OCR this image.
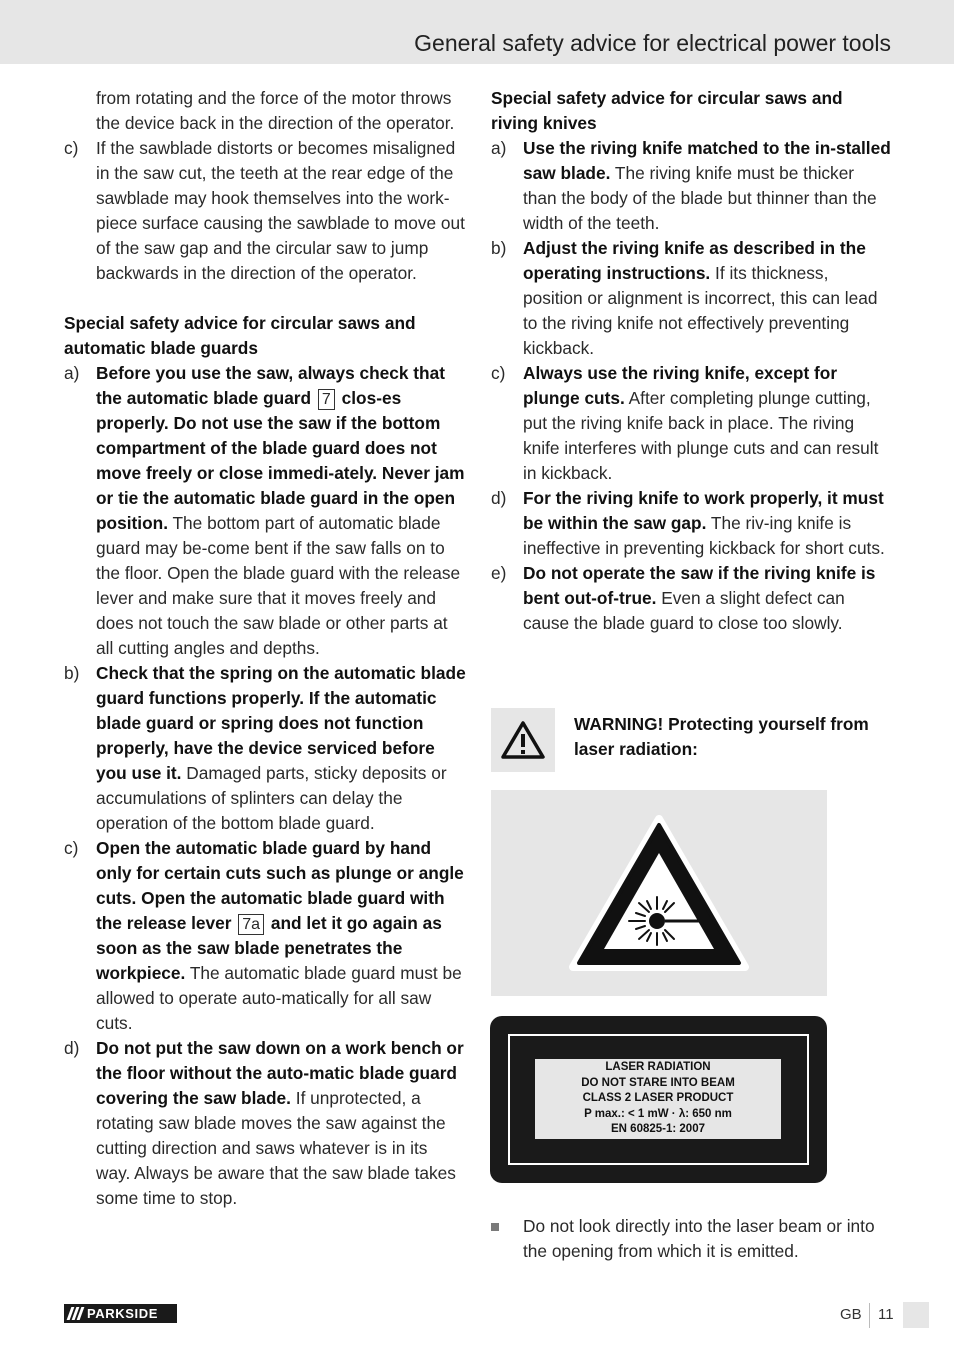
General safety advice for electrical power tools
from rotating and the force of the motor throws the device back in the direction of the operator.
c)	If the sawblade distorts or becomes misaligned in the saw cut, the teeth at the rear edge of the sawblade may hook themselves into the work-piece surface causing the sawblade to move out of the saw gap and the circular saw to jump backwards in the direction of the operator.
Special safety advice for circular saws and automatic blade guards
a) Before you use the saw, always check that the automatic blade guard 7 clos-es properly. Do not use the saw if the bottom compartment of the blade guard does not move freely or close immedi-ately. Never jam or tie the automatic blade guard in the open position. The bottom part of automatic blade guard may be-come bent if the saw falls on to the floor. Open the blade guard with the release lever and make sure that it moves freely and does not touch the saw blade or other parts at all cutting angles and depths.
b) Check that the spring on the automatic blade guard functions properly. If the automatic blade guard or spring does not function properly, have the device serviced before you use it. Damaged parts, sticky deposits or accumulations of splinters can delay the operation of the bottom blade guard.
c)	Open the automatic blade guard by hand only for certain cuts such as plunge or angle cuts. Open the automatic blade guard with the release lever 7a and let it go again as soon as the saw blade penetrates the workpiece. The automatic blade guard must be allowed to operate auto-matically for all saw cuts.
d) Do not put the saw down on a work bench or the floor without the auto-matic blade guard covering the saw blade. If unprotected, a rotating saw blade moves the saw against the cutting direction and saws whatever is in its way. Always be aware that the saw blade takes some time to stop.
Special safety advice for circular saws and riving knives
a) Use the riving knife matched to the in-stalled saw blade. The riving knife must be thicker than the body of the blade but thinner than the width of the teeth.
b) Adjust the riving knife as described in the operating instructions. If its thickness, position or alignment is incorrect, this can lead to the riving knife not effectively preventing kickback.
c)	Always use the riving knife, except for plunge cuts. After completing plunge cutting, put the riving knife back in place. The riving knife interferes with plunge cuts and can result in kickback.
d) For the riving knife to work properly, it must be within the saw gap. The riv-ing knife is ineffective in preventing kickback for short cuts.
e) Do not operate the saw if the riving knife is bent out-of-true. Even a slight defect can cause the blade guard to close too slowly.
WARNING! Protecting yourself from laser radiation:
LASER RADIATION
DO NOT STARE INTO BEAM
CLASS 2 LASER PRODUCT
P max.: < 1 mW · λ: 650 nm
EN 60825-1: 2007
Do not look directly into the laser beam or into the opening from which it is emitted.
PARKSIDE	GB 11
